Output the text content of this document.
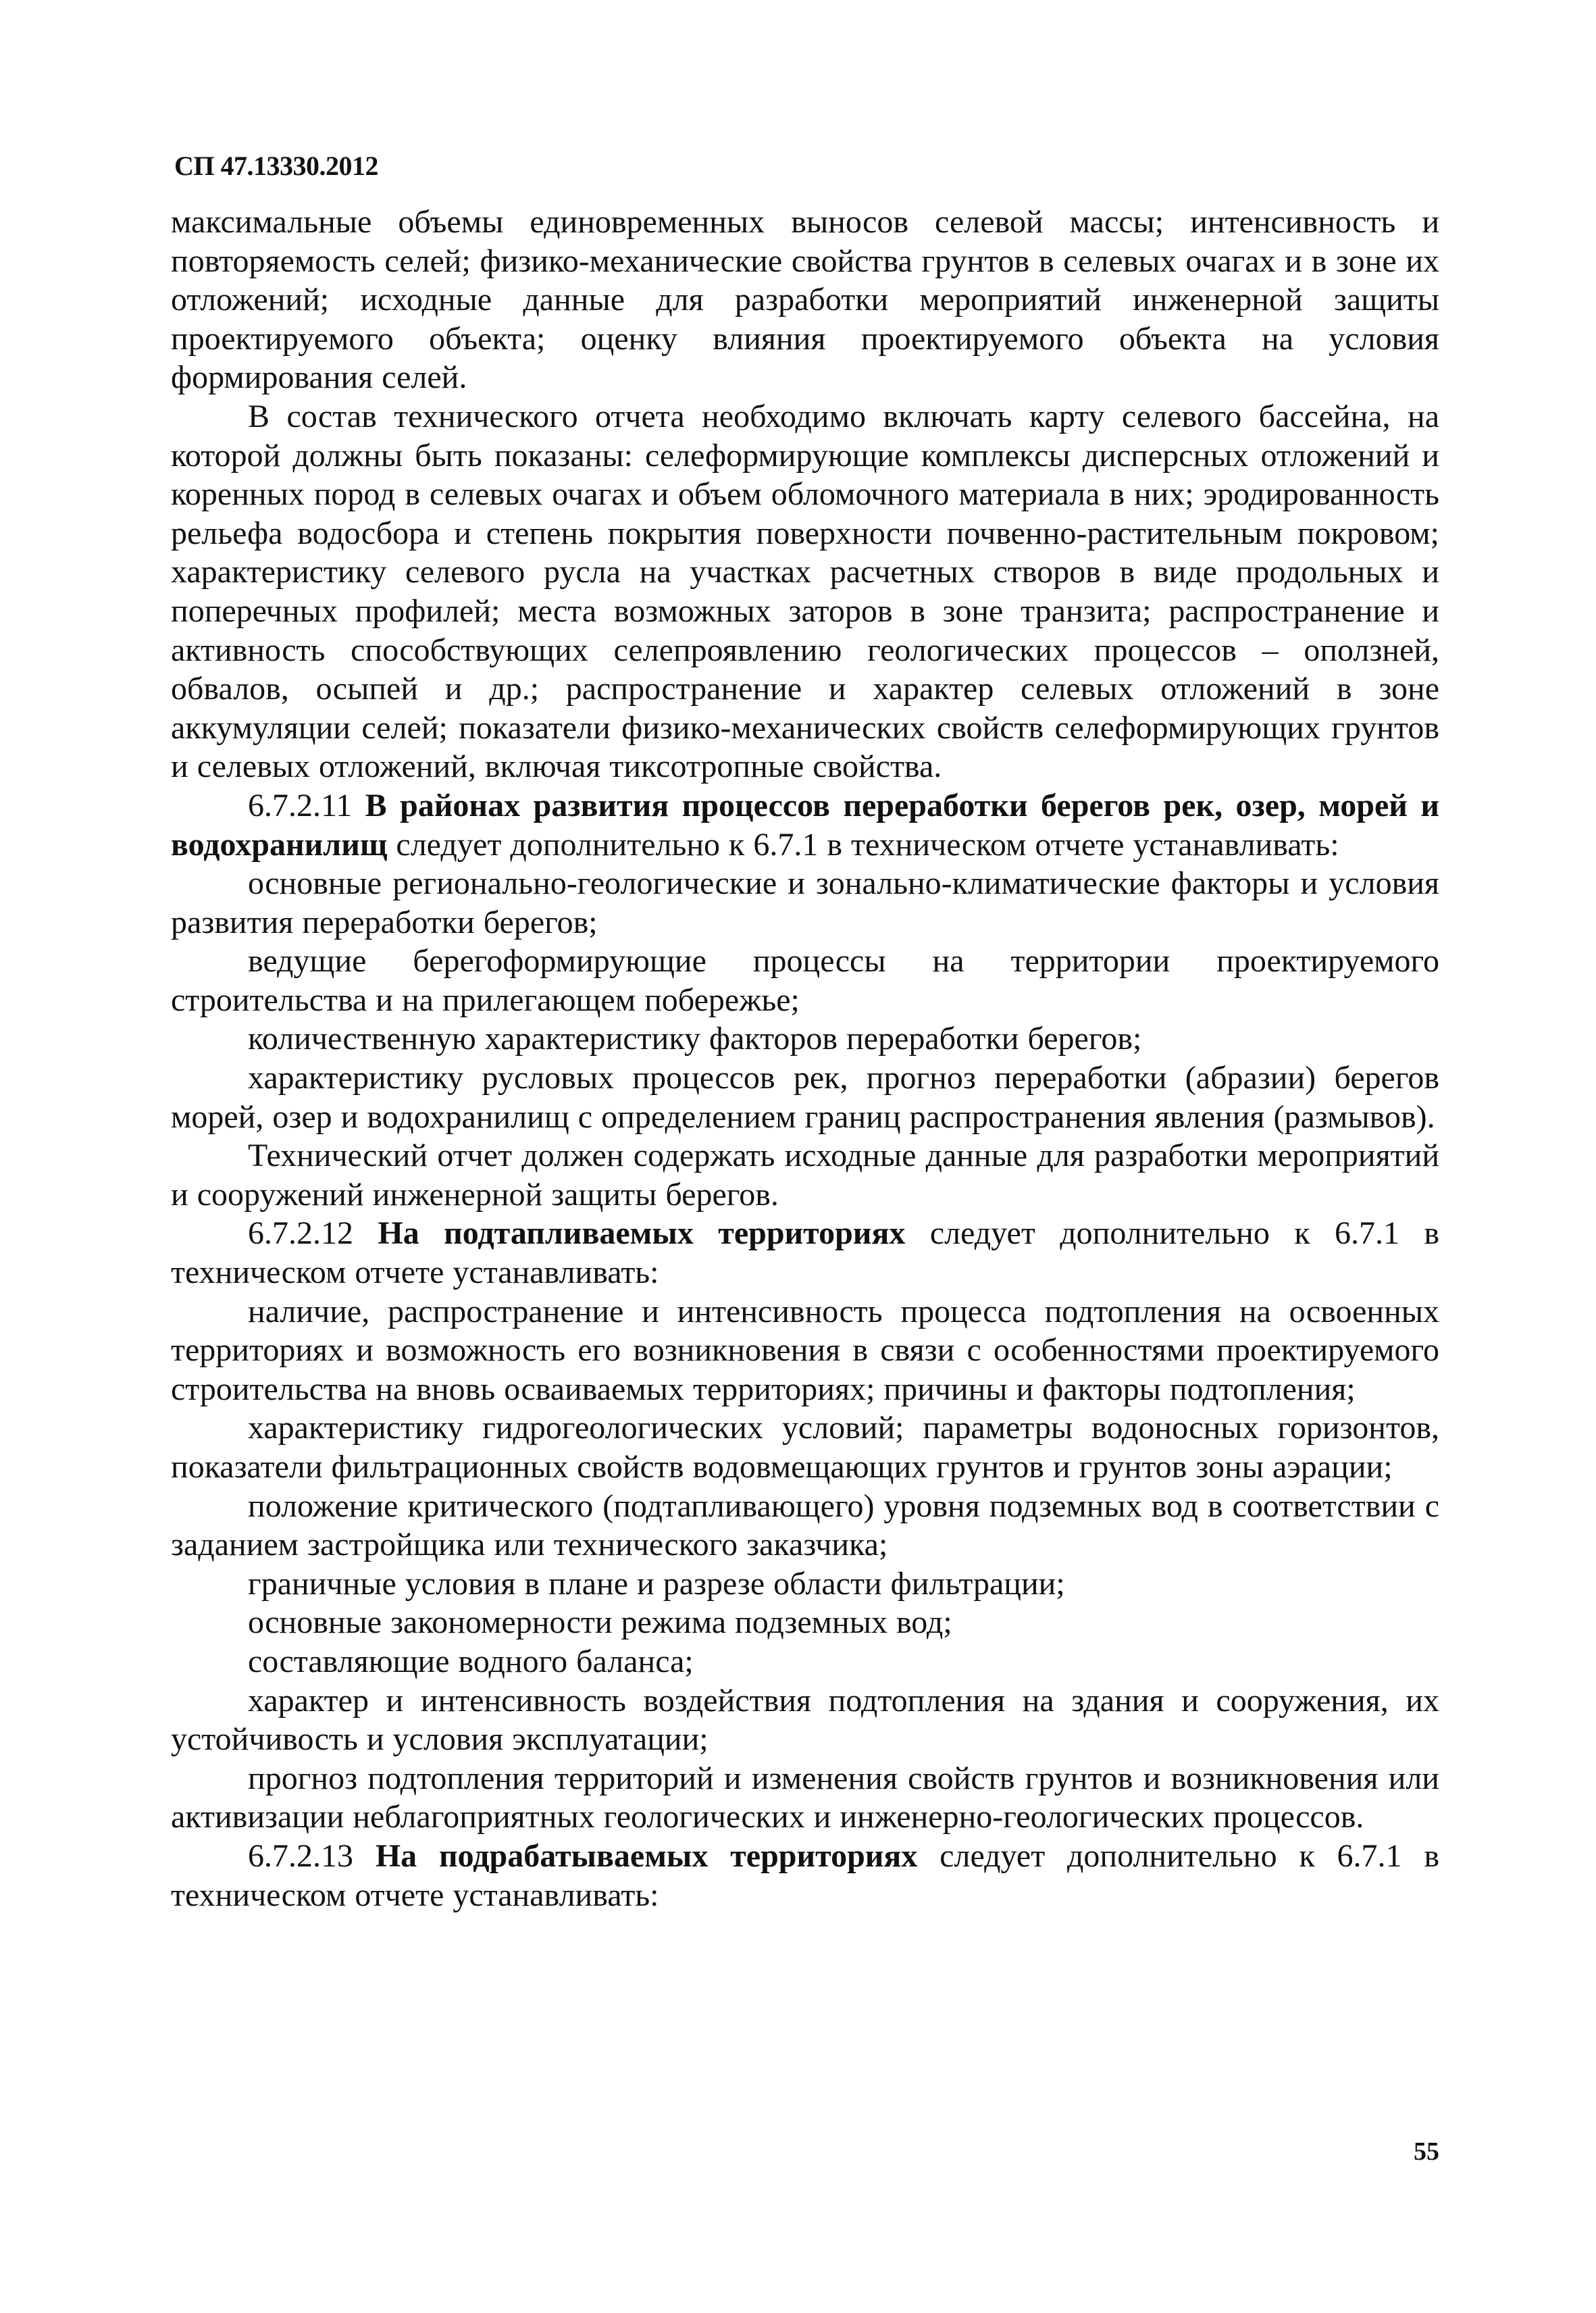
СП 47.13330.2012

максимальные объемы единовременных выносов селевой массы; интенсивность и повторяемость селей; физико-механические свойства грунтов в селевых очагах и в зоне их отложений; исходные данные для разработки мероприятий инженерной защиты проектируемого объекта; оценку влияния проектируемого объекта на условия формирования селей.

В состав технического отчета необходимо включать карту селевого бассейна, на которой должны быть показаны: селеформирующие комплексы дисперсных отложений и коренных пород в селевых очагах и объем обломочного материала в них; эродированность рельефа водосбора и степень покрытия поверхности почвенно-растительным покровом; характеристику селевого русла на участках расчетных створов в виде продольных и поперечных профилей; места возможных заторов в зоне транзита; распространение и активность способствующих селепроявлению геологических процессов – оползней, обвалов, осыпей и др.; распространение и характер селевых отложений в зоне аккумуляции селей; показатели физико-механических свойств селеформирующих грунтов и селевых отложений, включая тиксотропные свойства.

6.7.2.11 В районах развития процессов переработки берегов рек, озер, морей и водохранилищ следует дополнительно к 6.7.1 в техническом отчете устанавливать:

основные регионально-геологические и зонально-климатические факторы и условия развития переработки берегов;

ведущие берегоформирующие процессы на территории проектируемого строительства и на прилегающем побережье;

количественную характеристику факторов переработки берегов;

характеристику русловых процессов рек, прогноз переработки (абразии) берегов морей, озер и водохранилищ с определением границ распространения явления (размывов).

Технический отчет должен содержать исходные данные для разработки мероприятий и сооружений инженерной защиты берегов.

6.7.2.12 На подтапливаемых территориях следует дополнительно к 6.7.1 в техническом отчете устанавливать:

наличие, распространение и интенсивность процесса подтопления на освоенных территориях и возможность его возникновения в связи с особенностями проектируемого строительства на вновь осваиваемых территориях; причины и факторы подтопления;

характеристику гидрогеологических условий; параметры водоносных горизонтов, показатели фильтрационных свойств водовмещающих грунтов и грунтов зоны аэрации;

положение критического (подтапливающего) уровня подземных вод в соответствии с заданием застройщика или технического заказчика;

граничные условия в плане и разрезе области фильтрации;

основные закономерности режима подземных вод;

составляющие водного баланса;

характер и интенсивность воздействия подтопления на здания и сооружения, их устойчивость и условия эксплуатации;

прогноз подтопления территорий и изменения свойств грунтов и возникновения или активизации неблагоприятных геологических и инженерно-геологических процессов.

6.7.2.13 На подрабатываемых территориях следует дополнительно к 6.7.1 в техническом отчете устанавливать:

55
